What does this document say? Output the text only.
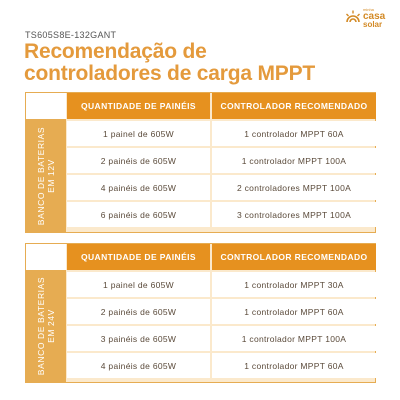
TS605S8E-132GANT
minha
casa
solar
Recomendação de
controladores de carga MPPT
BANCO DE BATERIAS EM 12V
QUANTIDADE DE PAINÉIS	CONTROLADOR RECOMENDADO
1 painel de 605W	1 controlador MPPT 60A
2 painéis de 605W	1 controlador MPPT 100A
4 painéis de 605W	2 controladores MPPT 100A
6 painéis de 605W	3 controladores MPPT 100A
BANCO DE BATERIAS EM 24V
QUANTIDADE DE PAINÉIS	CONTROLADOR RECOMENDADO
1 painel de 605W	1 controlador MPPT 30A
2 painéis de 605W	1 controlador MPPT 60A
3 painéis de 605W	1 controlador MPPT 100A
4 painéis de 605W	1 controlador MPPT 60A
